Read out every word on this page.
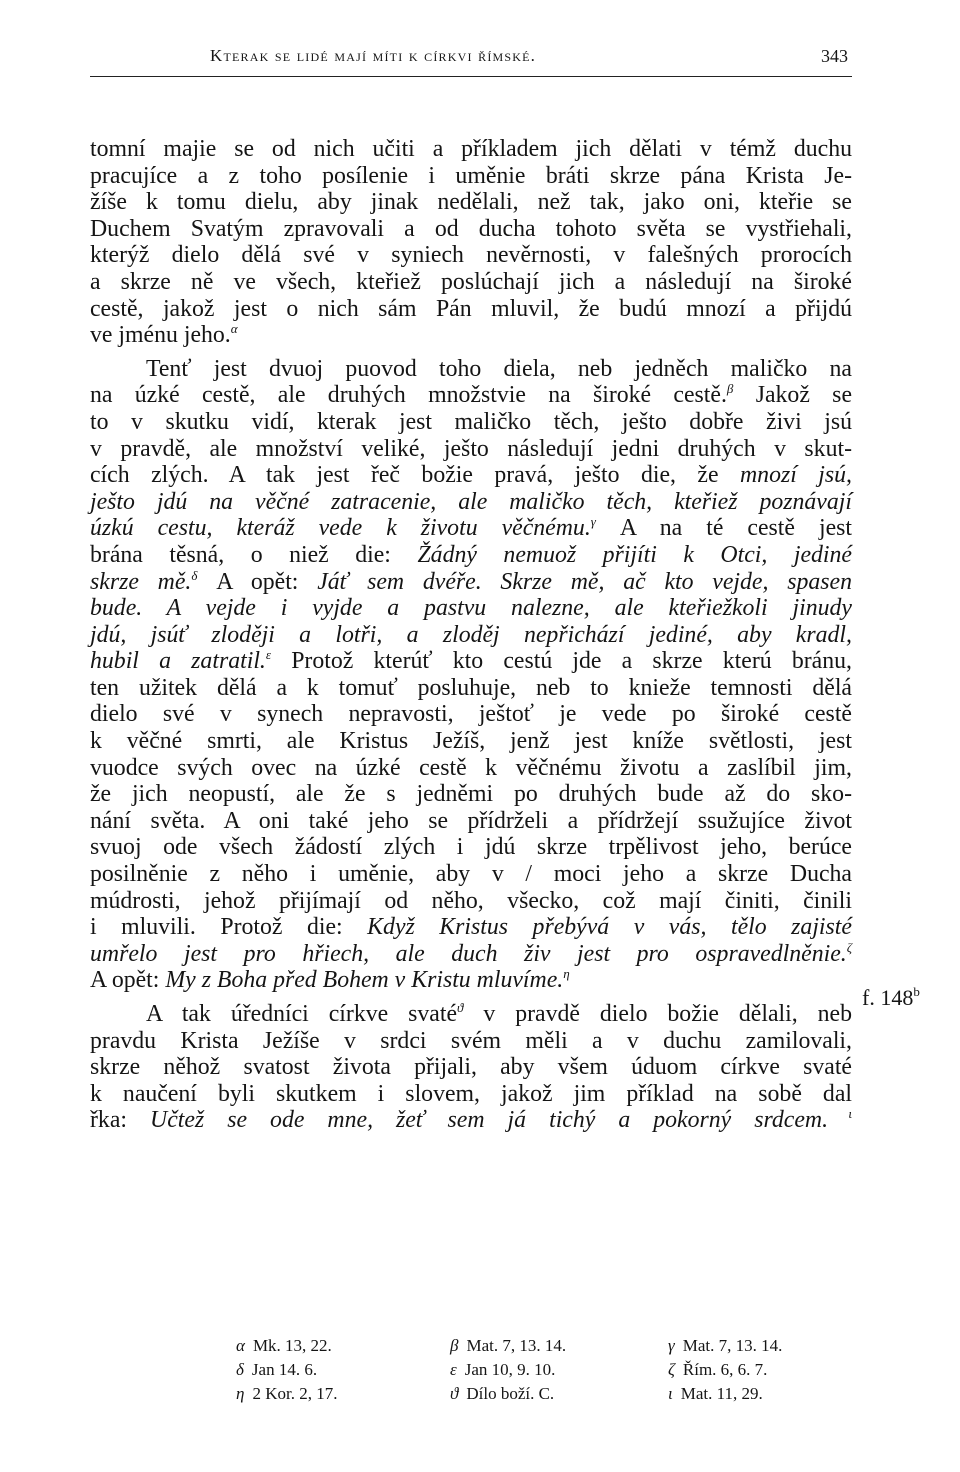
Kterak se lidé mají míti k církvi římské.	343
tomní majie se od nich učiti a příkladem jich dělati v témž duchu
pracujíce a z toho posílenie i uměnie bráti skrze pána Krista Je-
žíše k tomu dielu, aby jinak nedělali, než tak, jako oni, kteřie se
Duchem Svatým zpravovali a od ducha tohoto světa se vystřiehali,
kterýž dielo dělá své v syniech nevěrnosti, v falešných prorocích
a skrze ně ve všech, kteřiež poslúchají jich a následují na široké
cestě, jakož jest o nich sám Pán mluvil, že budú mnozí a přijdú
ve jménu jeho.$^\alpha$
Tenť jest dvuoj puovod toho diela, neb jedněch maličko na
na úzké cestě, ale druhých množstvie na široké cestě.$^\beta$ Jakož se
to v skutku vidí, kterak jest maličko těch, ješto dobře živi jsú
v pravdě, ale množství veliké, ješto následují jedni druhých v skut-
cích zlých. A tak jest řeč božie pravá, ješto die, že mnozí jsú,
ješto jdú na věčné zatracenie, ale maličko těch, kteřiež poznávají
úzkú cestu, kteráž vede k životu věčnému.$^\gamma$ A na té cestě jest
brána těsná, o niež die: Žádný nemuož přijíti k Otci, jediné
skrze mě.$^\delta$ A opět: Jáť sem dvéře. Skrze mě, ač kto vejde, spasen
bude. A vejde i vyjde a pastvu nalezne, ale kteřiežkoli jinudy
jdú, jsúť zloději a lotři, a zloděj nepřichází jediné, aby kradl,
hubil a zatratil.$^\varepsilon$ Protož kterúť kto cestú jde a skrze kterú bránu,
ten užitek dělá a k tomuť posluhuje, neb to knieže temnosti dělá
dielo své v synech nepravosti, ještoť je vede po široké cestě
k věčné smrti, ale Kristus Ježíš, jenž jest kníže světlosti, jest
vuodce svých ovec na úzké cestě k věčnému životu a zaslíbil jim,
že jich neopustí, ale že s jedněmi po druhých bude až do sko-
nání světa. A oni také jeho se přídrželi a přídržejí ssužujíce život
svuoj ode všech žádostí zlých i jdú skrze trpělivost jeho, berúce
posilněnie z něho i uměnie, aby v / moci jeho a skrze Ducha
múdrosti, jehož přijímají od něho, všecko, což mají činiti, činili
i mluvili. Protož die: Když Kristus přebývá v vás, tělo zajisté
umřelo jest pro hřiech, ale duch živ jest pro ospravedlněnie.$^\zeta$
A opět: My z Boha před Bohem v Kristu mluvíme.$^\eta$
A tak úředníci církve svaté$^ϑ$ v pravdě dielo božie dělali, neb
pravdu Krista Ježíše v srdci svém měli a v duchu zamilovali,
skrze něhož svatost života přijali, aby všem úduom církve svaté
k naučení byli skutkem i slovem, jakož jim příklad na sobě dal
řka: Učtež se ode mne, žeť sem já tichý a pokorný srdcem. $^\iota$
α Mk. 13, 22.	β Mat. 7, 13. 14.	γ Mat. 7, 13. 14.
δ Jan 14. 6.	ε Jan 10, 9. 10.	ζ Řím. 6, 6. 7.
η 2 Kor. 2, 17.	ϑ Dílo boží. C.	ι Mat. 11, 29.
f. 148$^b$
